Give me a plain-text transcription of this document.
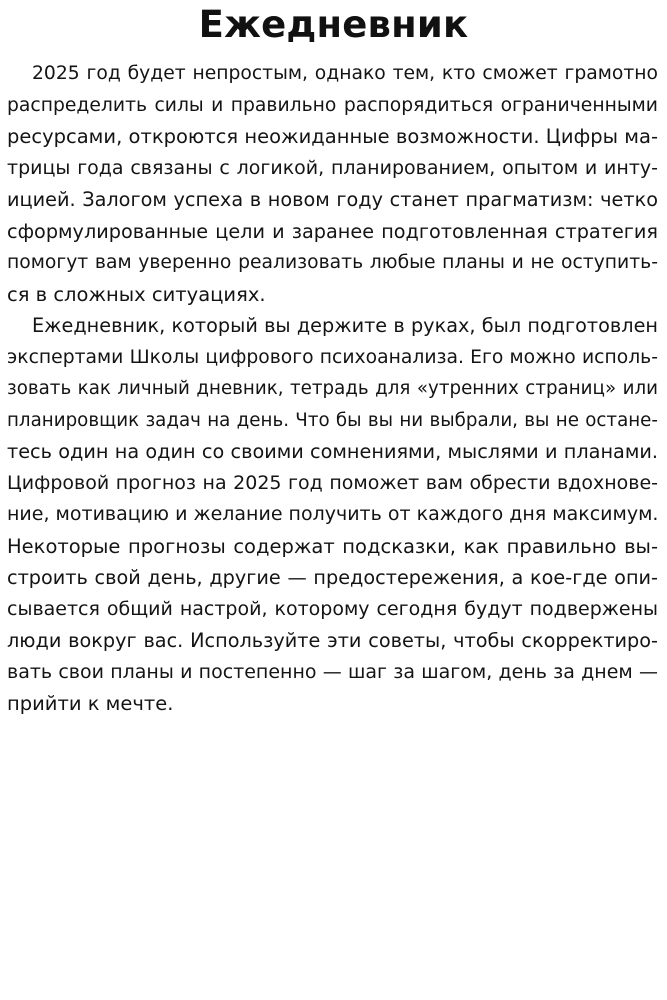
Ежедневник
2025 год будет непростым, однако тем, кто сможет грамотно
распределить силы и правильно распорядиться ограниченными
ресурсами, откроются неожиданные возможности. Цифры ма-
трицы года связаны с логикой, планированием, опытом и инту-
ицией. Залогом успеха в новом году станет прагматизм: четко
сформулированные цели и заранее подготовленная стратегия
помогут вам уверенно реализовать любые планы и не оступить-
ся в сложных ситуациях.
Ежедневник, который вы держите в руках, был подготовлен
экспертами Школы цифрового психоанализа. Его можно исполь-
зовать как личный дневник, тетрадь для «утренних страниц» или
планировщик задач на день. Что бы вы ни выбрали, вы не остане-
тесь один на один со своими сомнениями, мыслями и планами.
Цифровой прогноз на 2025 год поможет вам обрести вдохнове-
ние, мотивацию и желание получить от каждого дня максимум.
Некоторые прогнозы содержат подсказки, как правильно вы-
строить свой день, другие — предостережения, а кое-где опи-
сывается общий настрой, которому сегодня будут подвержены
люди вокруг вас. Используйте эти советы, чтобы скорректиро-
вать свои планы и постепенно — шаг за шагом, день за днем —
прийти к мечте.
